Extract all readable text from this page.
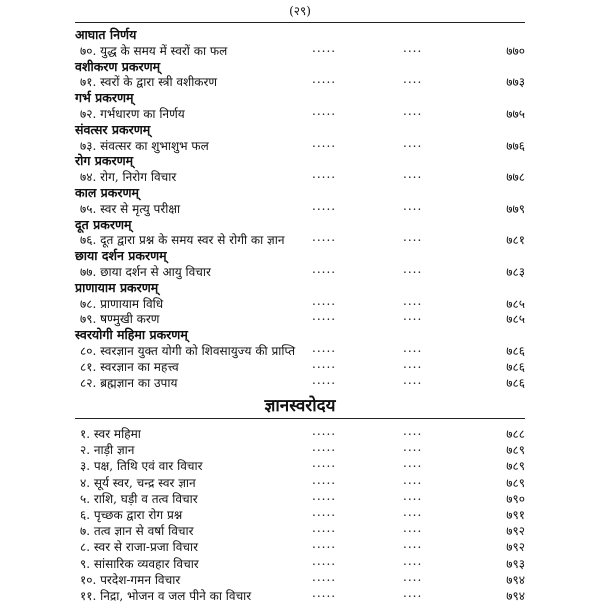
(२९)
आघात निर्णय
७०. युद्ध के समय में स्वरों का फल	.....	....	७७०
वशीकरण प्रकरणम्
७१. स्वरों के द्वारा स्त्री वशीकरण	.....	....	७७३
गर्भ प्रकरणम्
७२. गर्भधारण का निर्णय	.....	....	७७५
संवत्सर प्रकरणम्
७३. संवत्सर का शुभाशुभ फल	.....	....	७७६
रोग प्रकरणम्
७४. रोग, निरोग विचार	.....	....	७७८
काल प्रकरणम्
७५. स्वर से मृत्यु परीक्षा	.....	....	७७९
दूत प्रकरणम्
७६. दूत द्वारा प्रश्न के समय स्वर से रोगी का ज्ञान .....	....	७८१
छाया दर्शन प्रकरणम्
७७. छाया दर्शन से आयु विचार	.....	....	७८३
प्राणायाम प्रकरणम्
७८. प्राणायाम विधि	.....	....	७८५
७९. षण्मुखी करण	.....	....	७८५
स्वरयोगी महिमा प्रकरणम्
८०. स्वरज्ञान युक्त योगी को शिवसायुज्य की प्राप्ति .....	....	७८६
८१. स्वरज्ञान का महत्त्व	.....	....	७८६
८२. ब्रह्मज्ञान का उपाय	.....	....	७८६
ज्ञानस्वरोदय
१. स्वर महिमा	.....	....	७८८
२. नाड़ी ज्ञान	.....	....	७८९
३. पक्ष, तिथि एवं वार विचार	.....	....	७८९
४. सूर्य स्वर, चन्द्र स्वर ज्ञान	.....	....	७८९
५. राशि, घड़ी व तत्व विचार	.....	....	७९०
६. पृच्छक द्वारा रोग प्रश्न	.....	....	७९१
७. तत्व ज्ञान से वर्षा विचार	.....	....	७९२
८. स्वर से राजा-प्रजा विचार	.....	....	७९२
९. सांसारिक व्यवहार विचार	.....	....	७९३
१०. परदेश-गमन विचार	.....	....	७९४
११. निद्रा, भोजन व जल पीने का विचार	.....	....	७९४
